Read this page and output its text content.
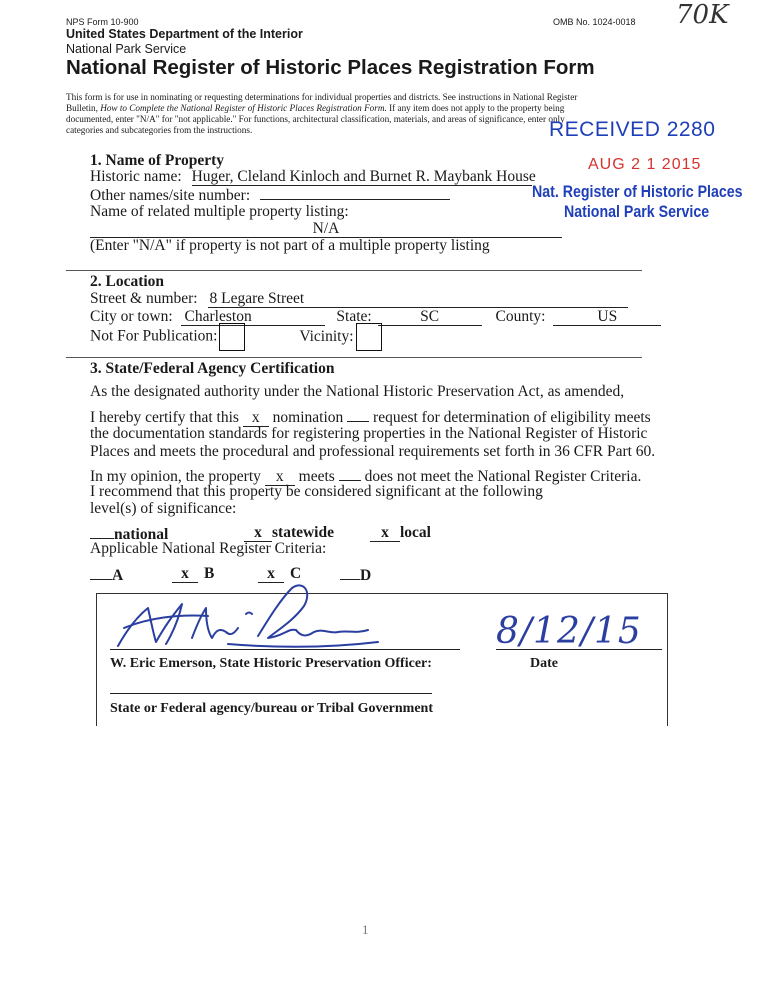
NPS Form 10-900	OMB No. 1024-0018 70K
United States Department of the Interior
National Park Service
National Register of Historic Places Registration Form
This form is for use in nominating or requesting determinations for individual properties and districts. See instructions in National Register
Bulletin, How to Complete the National Register of Historic Places Registration Form. If any item does not apply to the property being
documented, enter "N/A" for "not applicable." For functions, architectural classification, materials, and areas of significance, enter only
categories and subcategories from the instructions.	RECEIVED 2280
AUG 2 1 2015
Nat. Register of Historic Places
National Park Service
1. Name of Property
Historic name: Huger, Cleland Kinloch and Burnet R. Maybank House
Other names/site number:
Name of related multiple property listing:
N/A
(Enter "N/A" if property is not part of a multiple property listing
2. Location
Street & number: 8 Legare Street
City or town: Charleston	State:	SC	County:	US
Not For Publication:	Vicinity:
3. State/Federal Agency Certification
As the designated authority under the National Historic Preservation Act, as amended,
I hereby certify that this x nomination request for determination of eligibility meets
the documentation standards for registering properties in the National Register of Historic
Places and meets the procedural and professional requirements set forth in 36 CFR Part 60.
In my opinion, the property x meets does not meet the National Register Criteria.
I recommend that this property be considered significant at the following
level(s) of significance:
national	x statewide	x local
Applicable National Register Criteria:
A	x B	x C	D
8/12/15
W. Eric Emerson, State Historic Preservation Officer:	Date
State or Federal agency/bureau or Tribal Government
1
